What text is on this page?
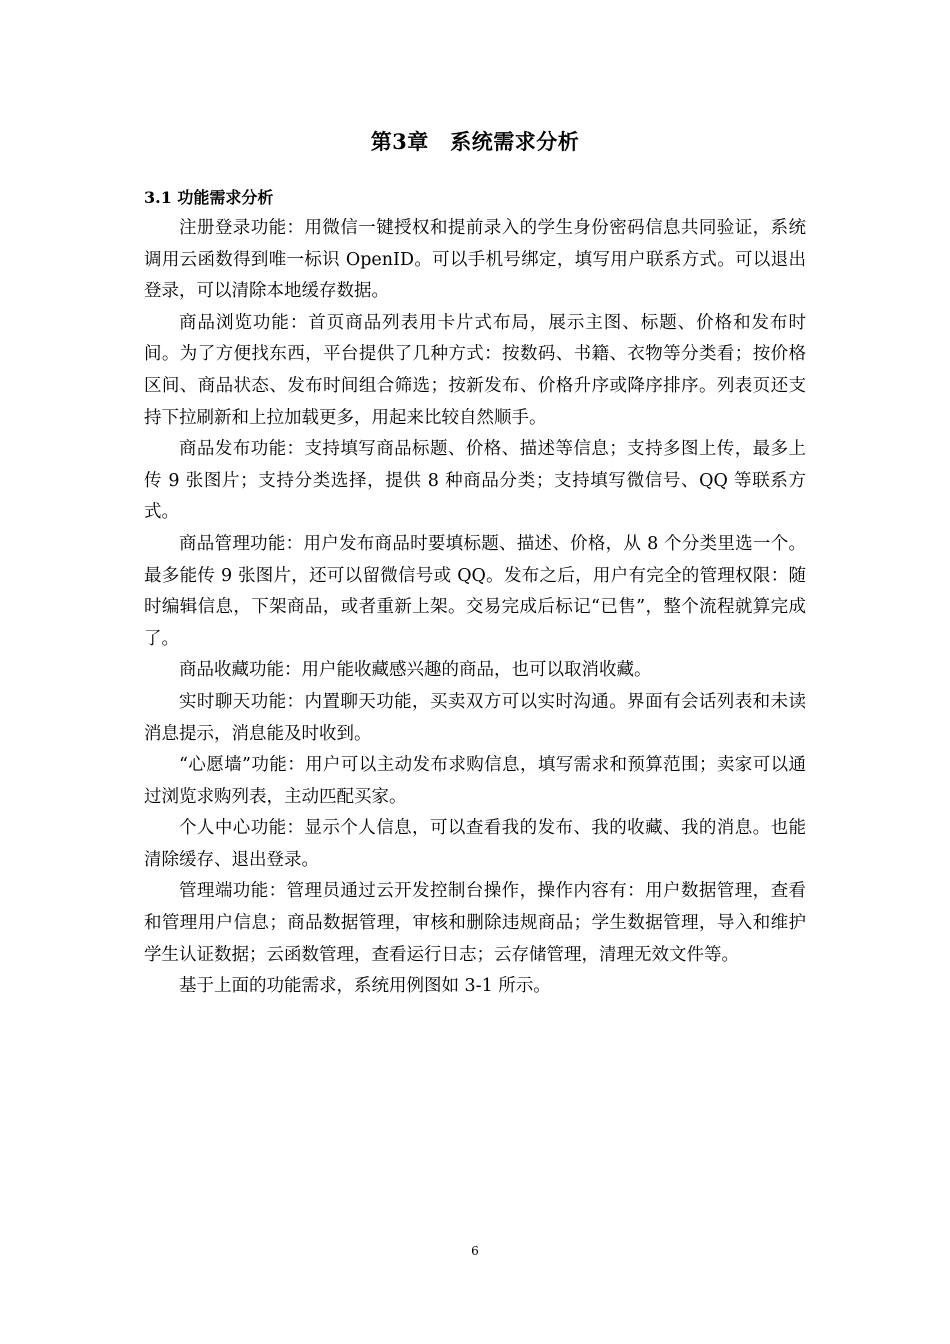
第3章　系统需求分析
3.1 功能需求分析

注册登录功能：用微信一键授权和提前录入的学生身份密码信息共同验证，系统调用云函数得到唯一标识 OpenID。可以手机号绑定，填写用户联系方式。可以退出登录，可以清除本地缓存数据。

商品浏览功能：首页商品列表用卡片式布局，展示主图、标题、价格和发布时间。为了方便找东西，平台提供了几种方式：按数码、书籍、衣物等分类看；按价格区间、商品状态、发布时间组合筛选；按新发布、价格升序或降序排序。列表页还支持下拉刷新和上拉加载更多，用起来比较自然顺手。

商品发布功能：支持填写商品标题、价格、描述等信息；支持多图上传，最多上传 9 张图片；支持分类选择，提供 8 种商品分类；支持填写微信号、QQ 等联系方式。

商品管理功能：用户发布商品时要填标题、描述、价格，从 8 个分类里选一个。最多能传 9 张图片，还可以留微信号或 QQ。发布之后，用户有完全的管理权限：随时编辑信息，下架商品，或者重新上架。交易完成后标记“已售”，整个流程就算完成了。

商品收藏功能：用户能收藏感兴趣的商品，也可以取消收藏。

实时聊天功能：内置聊天功能，买卖双方可以实时沟通。界面有会话列表和未读消息提示，消息能及时收到。

“心愿墙”功能：用户可以主动发布求购信息，填写需求和预算范围；卖家可以通过浏览求购列表，主动匹配买家。

个人中心功能：显示个人信息，可以查看我的发布、我的收藏、我的消息。也能清除缓存、退出登录。

管理端功能：管理员通过云开发控制台操作，操作内容有：用户数据管理，查看和管理用户信息；商品数据管理，审核和删除违规商品；学生数据管理，导入和维护学生认证数据；云函数管理，查看运行日志；云存储管理，清理无效文件等。

基于上面的功能需求，系统用例图如 3-1 所示。

6
